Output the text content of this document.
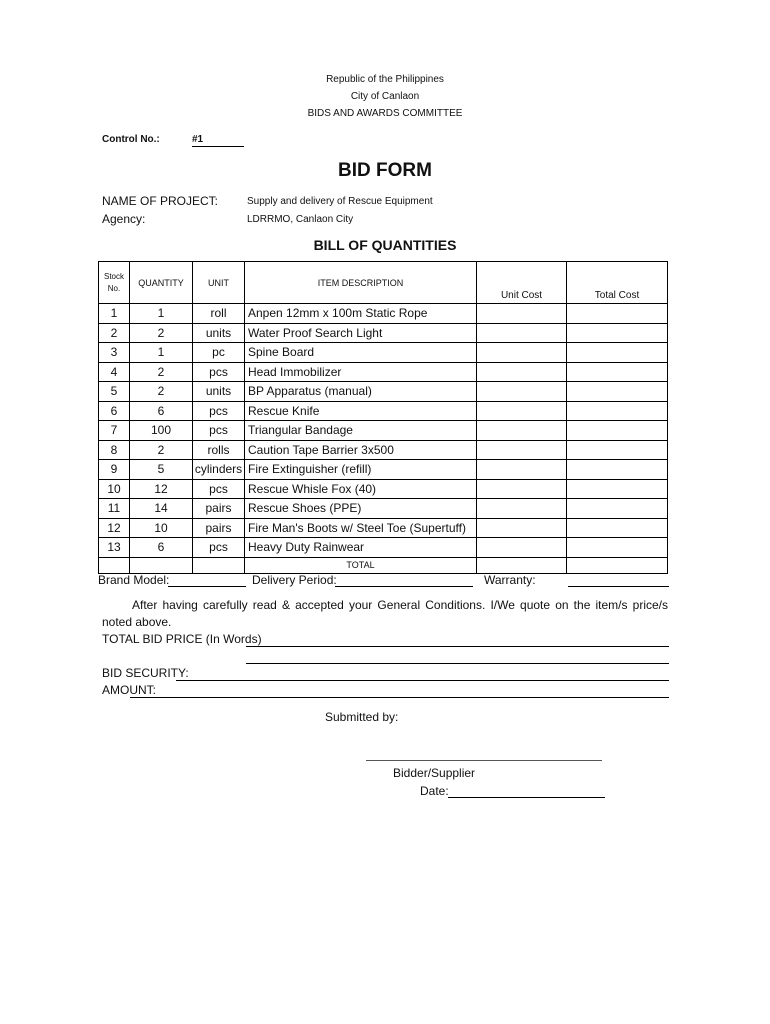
Republic of the Philippines
City of Canlaon
BIDS AND AWARDS COMMITTEE
Control No.:	#1
BID FORM
NAME OF PROJECT:	Supply and delivery of Rescue Equipment
Agency:	LDRRMO, Canlaon City
BILL OF QUANTITIES
Stock
No.	QUANTITY	UNIT	ITEM DESCRIPTION	Unit Cost	Total Cost
1	1	roll	Anpen 12mm x 100m Static Rope		
2	2	units	Water Proof Search Light		
3	1	pc	Spine Board		
4	2	pcs	Head Immobilizer		
5	2	units	BP Apparatus (manual)		
6	6	pcs	Rescue Knife		
7	100	pcs	Triangular Bandage		
8	2	rolls	Caution Tape Barrier 3x500		
9	5	cylinders	Fire Extinguisher (refill)		
10	12	pcs	Rescue Whisle Fox (40)		
11	14	pairs	Rescue Shoes (PPE)		
12	10	pairs	Fire Man's Boots w/ Steel Toe (Supertuff)		
13	6	pcs	Heavy Duty Rainwear		
			TOTAL		
Brand Model:	Delivery Period:	Warranty:
After having carefully read & accepted your General Conditions. I/We quote on the item/s price/s noted above.
TOTAL BID PRICE (In Words)
BID SECURITY:
AMOUNT:
Submitted by:
Bidder/Supplier
Date:
